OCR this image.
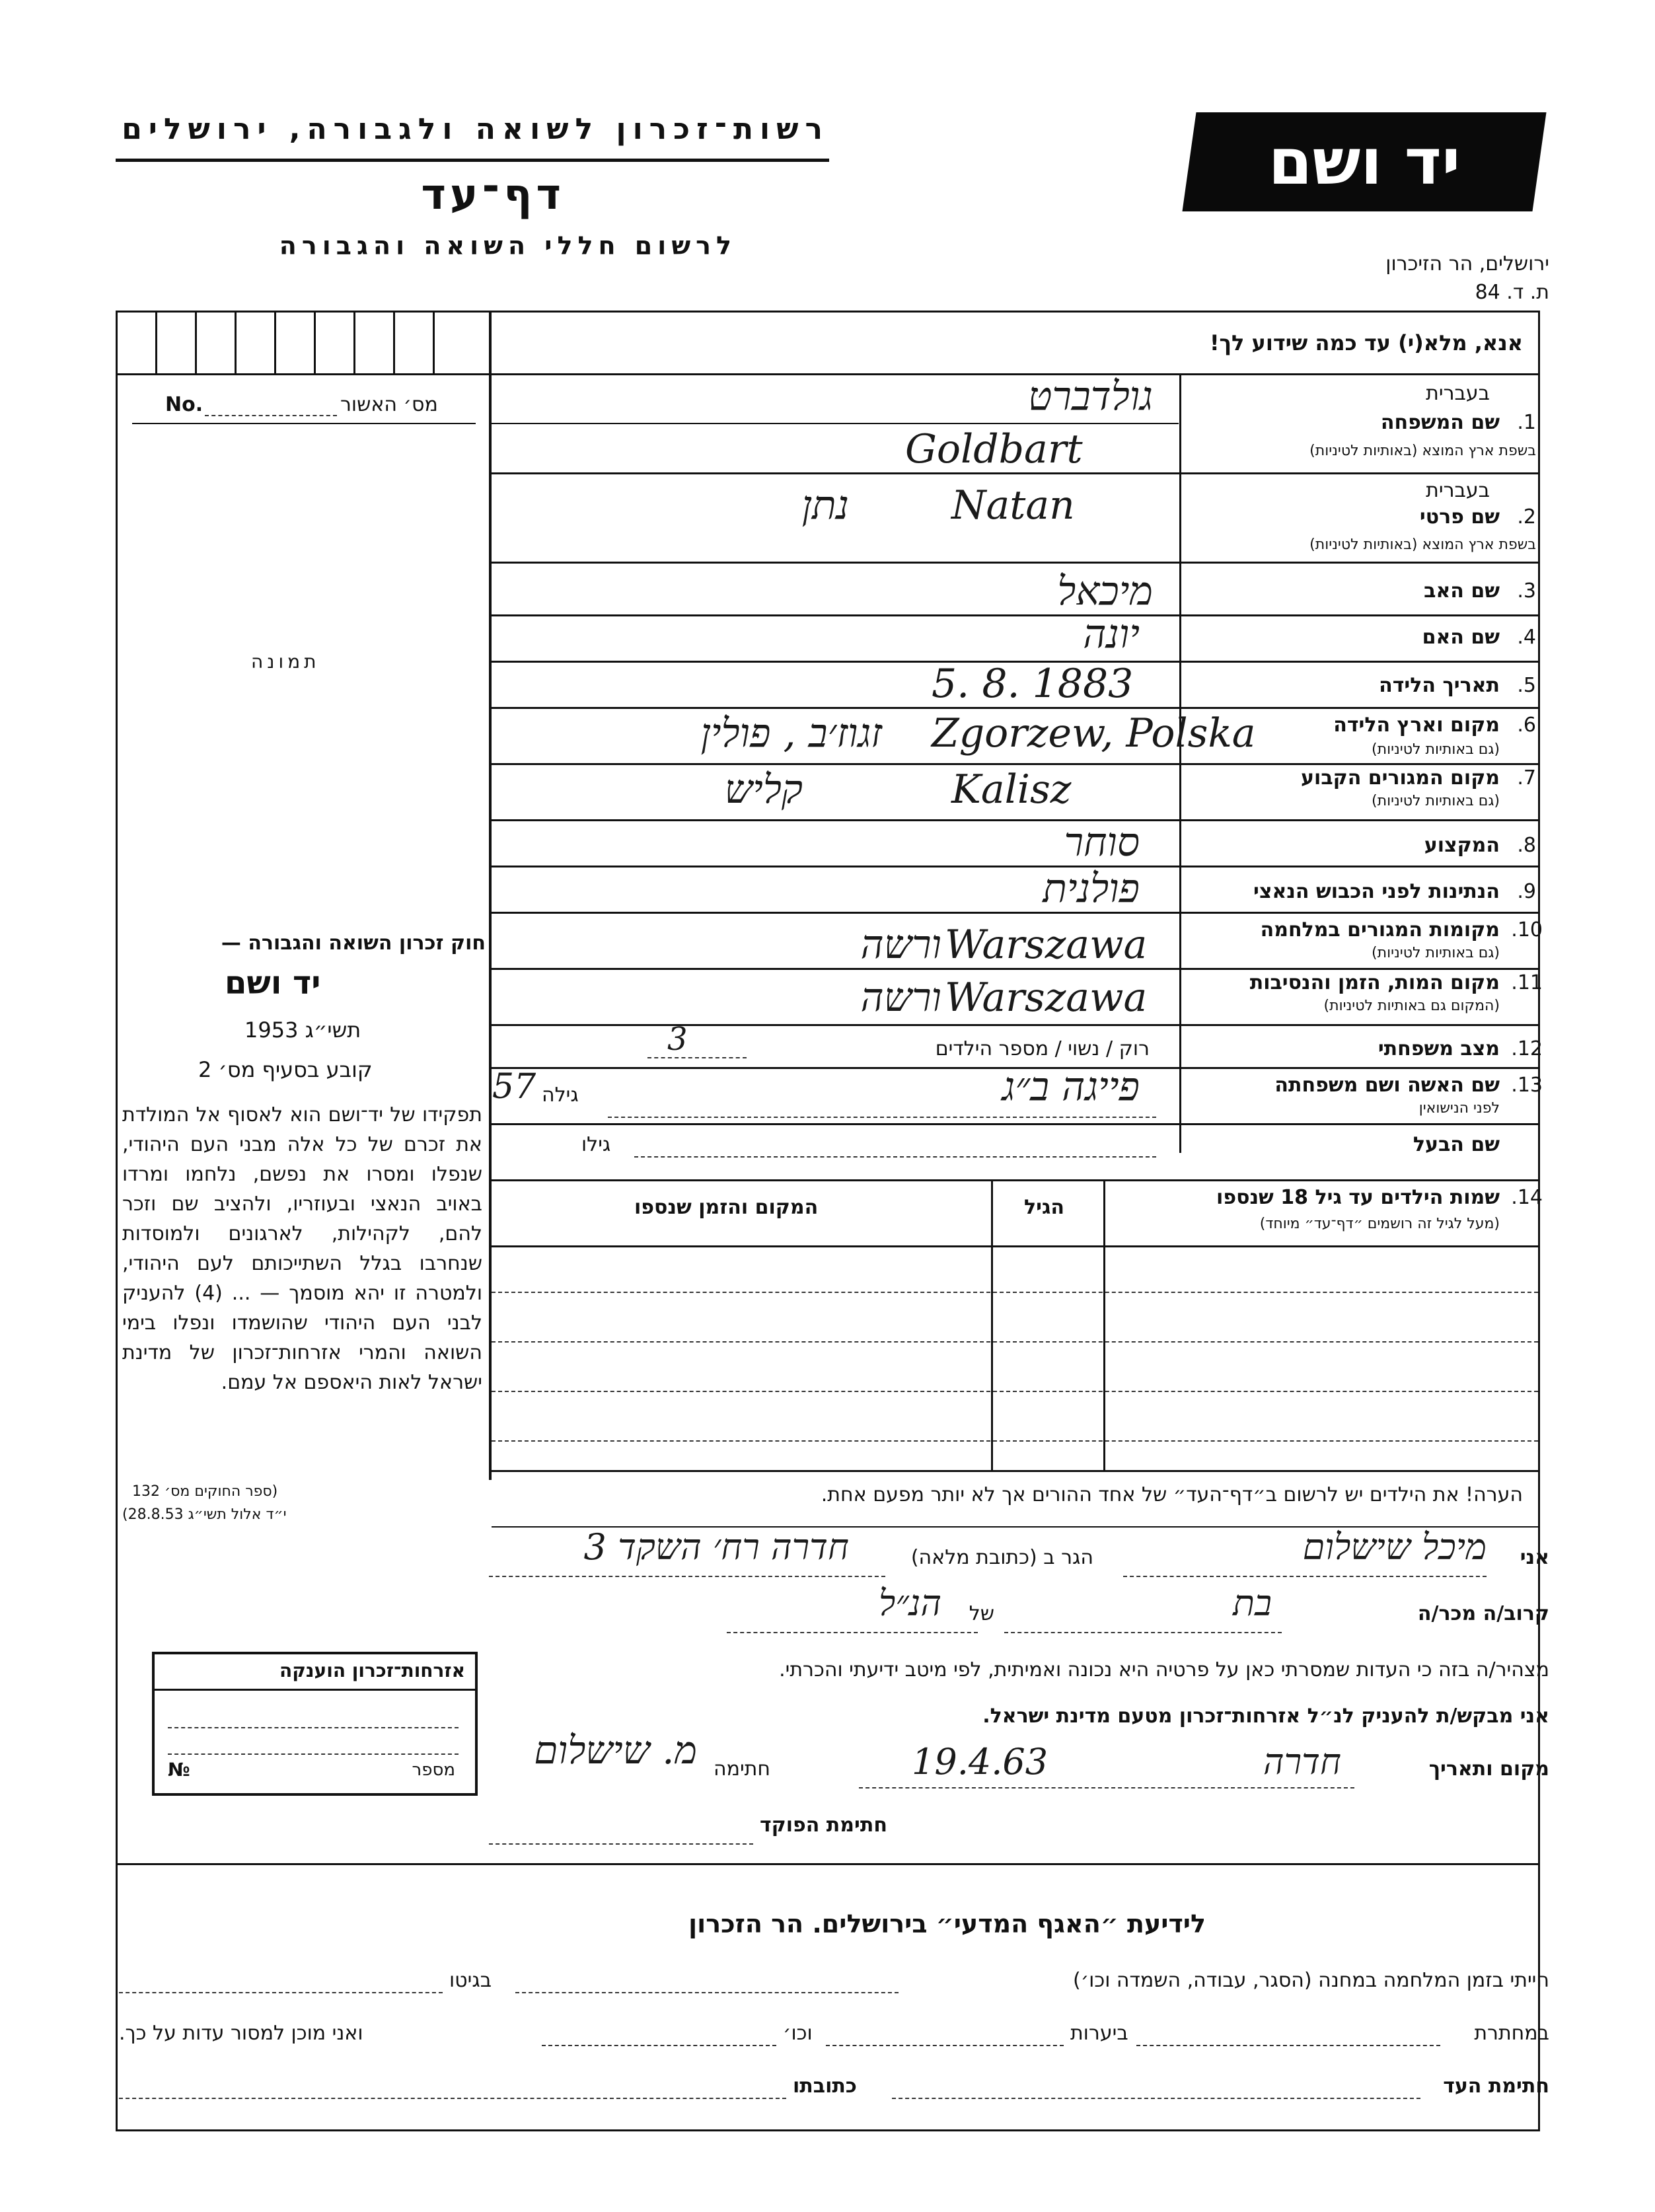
רשות־זכרון לשואה ולגבורה, ירושלים
דף־עד
לרשום חללי השואה והגבורה
יד ושם
ירושלים, הר הזיכרון
ת. ד. 84
אנא, מלא(י) עד כמה שידוע לך!
No.	מס׳ האשור
תמונה
חוק זכרון השואה והגבורה —
יד ושם
תשי״ג 1953
קובע בסעיף מס׳ 2
תפקידו של יד־ושם הוא לאסוף אל המולדת את זכרם של כל אלה מבני העם היהודי, שנפלו ומסרו את נפשם, נלחמו ומרדו באויב הנאצי ובעוזריו, ולהציב שם וזכר להם, לקהילות, לארגונים ולמוסדות שנחרבו בגלל השתייכותם לעם היהודי, ולמטרה זו יהא מוסמך — ... (4) להעניק לבני העם היהודי שהושמדו ונפלו בימי השואה והמרי אזרחות־זכרון של מדינת ישראל לאות היאספם אל עמם.
(ספר החוקים מס׳ 132
י״ד אלול תשי״ג 28.8.53)
בעברית
1.
שם המשפחה
בשפת ארץ המוצא (באותיות לטיניות)
גולדברט
Goldbart
בעברית
2.
שם פרטי
בשפת ארץ המוצא (באותיות לטיניות)
נתן	Natan
3.
שם האב
מיכאל
4.
שם האם
יונה
5.
תאריך הלידה
5. 8. 1883
6.
מקום וארץ הלידה
(גם באותיות לטיניות)
זגוז׳ב , פולין Zgorzew, Polska
7.
מקום המגורים הקבוע
(גם באותיות לטיניות)
קליש	Kalisz
8.
המקצוע
סוחר
9.
הנתינות לפני הכבוש הנאצי
פולנית
10.
מקומות המגורים במלחמה
(גם באותיות לטיניות)
ורשה Warszawa
11.
מקום המות, הזמן והנסיבות
(המקום גם באותיות לטיניות)
ורשה Warszawa
12.
מצב משפחתי
רוק / נשוי / מספר הילדים
3
13.
שם האשה ושם משפחתה
לפני הנישואין
פייגה ב״ג
גילה
57
שם הבעל
גילו
14.
שמות הילדים עד גיל 18 שנספו
(מעל לגיל זה רושמים ״דף־עד״ מיוחד)
הגיל
המקום והזמן שנספו
הערה! את הילדים יש לרשום ב״דף־העד״ של אחד ההורים אך לא יותר מפעם אחת.
אני
מיכל שישלום
הגר ב (כתובת מלאה)
חדרה רח׳ השקד 3
קרוב/ה מכר/ה
בת
של
הנ״ל
מצהיר/ה בזה כי העדות שמסרתי כאן על פרטיה היא נכונה ואמיתית, לפי מיטב ידיעתי והכרתי.
אני מבקש/ת להעניק לנ״ל אזרחות־זכרון מטעם מדינת ישראל.
מקום ותאריך
חדרה
19.4.63
חתימה
מ. שישלום
חתימת הפוקד
אזרחות־זכרון הוענקה
מספר
№
לידיעת ״האגף המדעי״ בירושלים. הר הזכרון
הייתי בזמן המלחמה במחנה (הסגר, עבודה, השמדה וכו׳)
בגיטו
במחתרת
ביערות
וכו׳
ואני מוכן למסור עדות על כך.
חתימת העד
כתובתו
